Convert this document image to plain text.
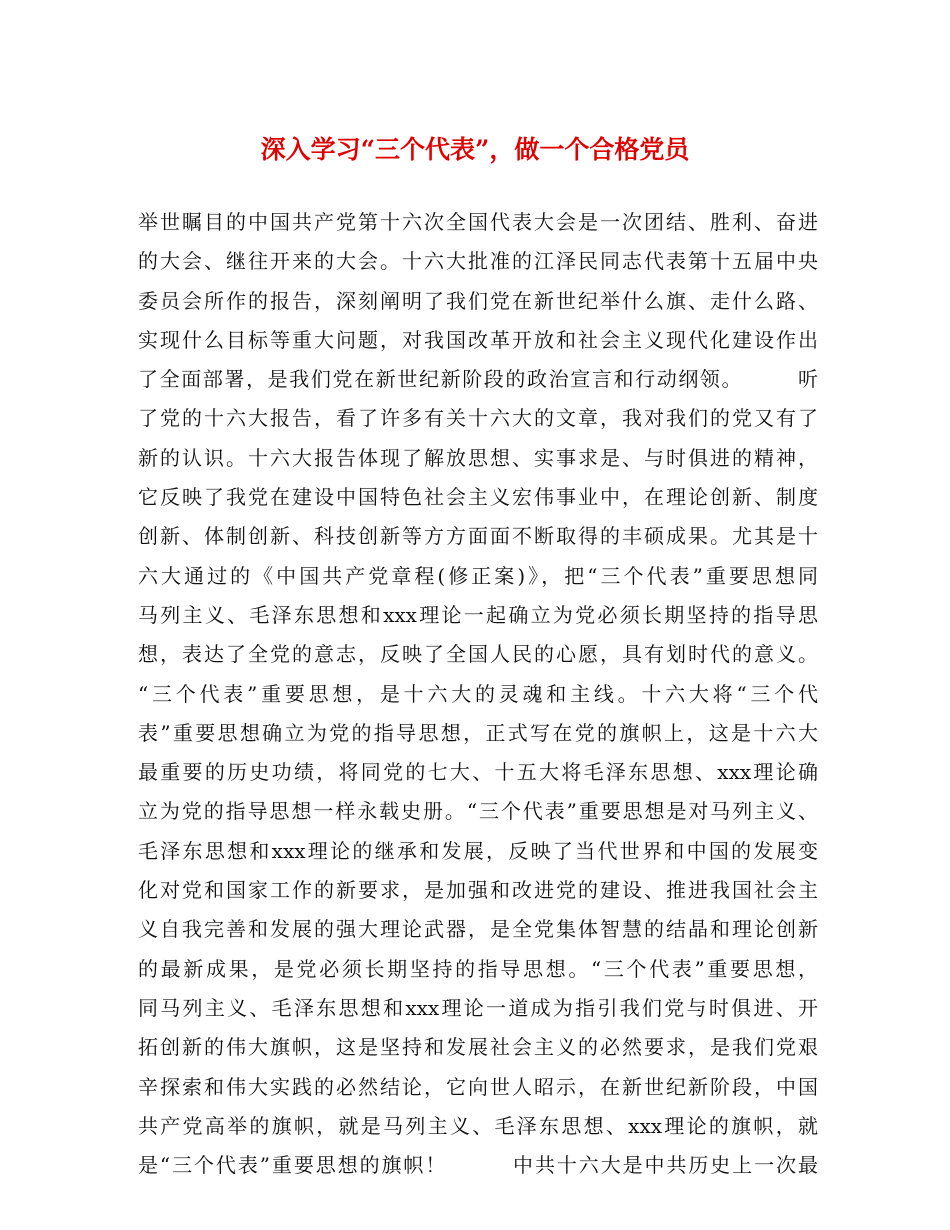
深入学习“三个代表”，做一个合格党员
举世瞩目的中国共产党第十六次全国代表大会是一次团结、胜利、奋进
的大会、继往开来的大会。十六大批准的江泽民同志代表第十五届中央
委员会所作的报告，深刻阐明了我们党在新世纪举什么旗、走什么路、
实现什么目标等重大问题，对我国改革开放和社会主义现代化建设作出
了全面部署，是我们党在新世纪新阶段的政治宣言和行动纲领。　　　听
了党的十六大报告，看了许多有关十六大的文章，我对我们的党又有了
新的认识。十六大报告体现了解放思想、实事求是、与时俱进的精神，
它反映了我党在建设中国特色社会主义宏伟事业中，在理论创新、制度
创新、体制创新、科技创新等方方面面不断取得的丰硕成果。尤其是十
六大通过的《中国共产党章程(修正案)》，把“三个代表”重要思想同
马列主义、毛泽东思想和xxx理论一起确立为党必须长期坚持的指导思
想，表达了全党的意志，反映了全国人民的心愿，具有划时代的意义。
“三个代表”重要思想，是十六大的灵魂和主线。十六大将“三个代
表”重要思想确立为党的指导思想，正式写在党的旗帜上，这是十六大
最重要的历史功绩，将同党的七大、十五大将毛泽东思想、xxx理论确
立为党的指导思想一样永载史册。“三个代表”重要思想是对马列主义、
毛泽东思想和xxx理论的继承和发展，反映了当代世界和中国的发展变
化对党和国家工作的新要求，是加强和改进党的建设、推进我国社会主
义自我完善和发展的强大理论武器，是全党集体智慧的结晶和理论创新
的最新成果，是党必须长期坚持的指导思想。“三个代表”重要思想，
同马列主义、毛泽东思想和xxx理论一道成为指引我们党与时俱进、开
拓创新的伟大旗帜，这是坚持和发展社会主义的必然要求，是我们党艰
辛探索和伟大实践的必然结论，它向世人昭示，在新世纪新阶段，中国
共产党高举的旗帜，就是马列主义、毛泽东思想、xxx理论的旗帜，就
是“三个代表”重要思想的旗帜！　　　中共十六大是中共历史上一次最
